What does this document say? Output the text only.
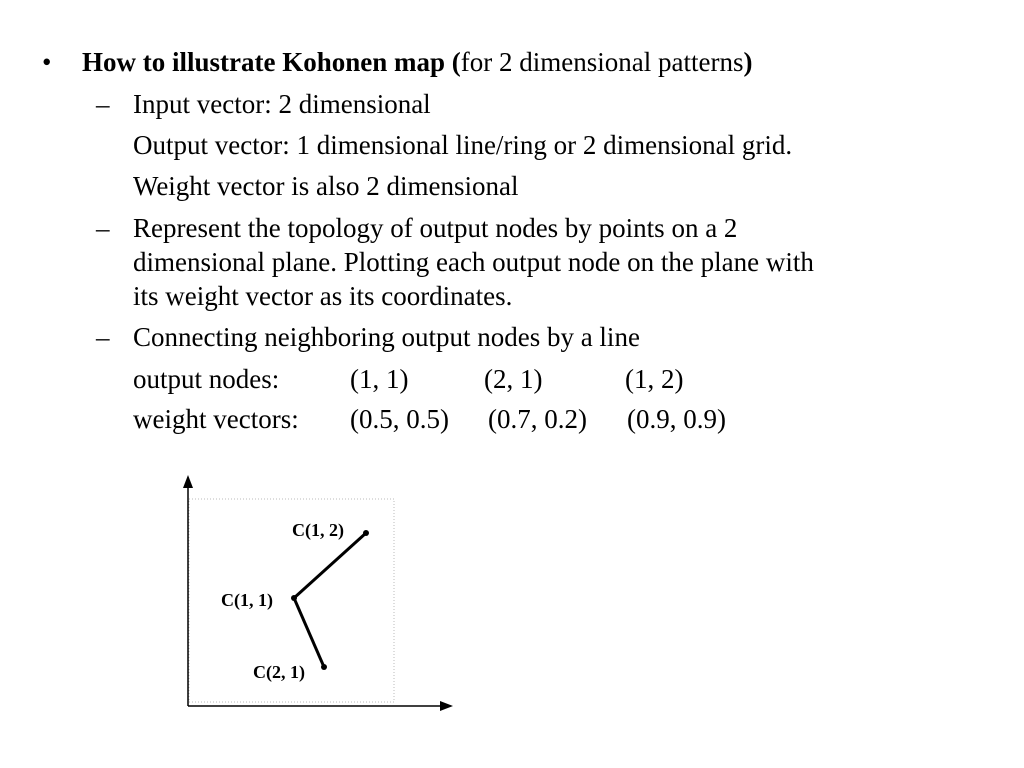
• How to illustrate Kohonen map (for 2 dimensional patterns)
– Input vector: 2 dimensional
Output vector: 1 dimensional line/ring or 2 dimensional grid.
Weight vector is also 2 dimensional
– Represent the topology of output nodes by points on a 2
dimensional plane. Plotting each output node on the plane with
its weight vector as its coordinates.
– Connecting neighboring output nodes by a line
output nodes:	(1, 1)	(2, 1)	(1, 2)
weight vectors: (0.5, 0.5) (0.7, 0.2) (0.9, 0.9)
C(1, 2)
C(1, 1)
C(2, 1)
